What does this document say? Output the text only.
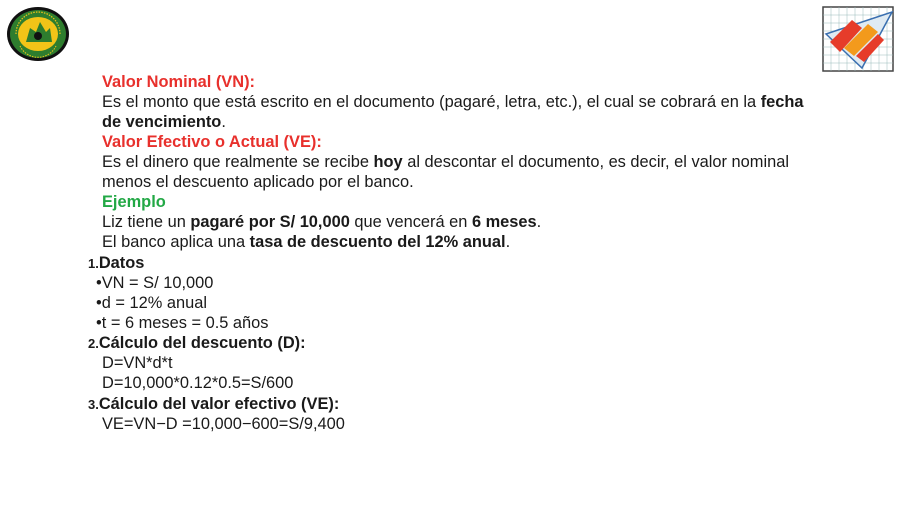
Valor Nominal (VN):
Es el monto que está escrito en el documento (pagaré, letra, etc.), el cual se cobrará en la fecha
de vencimiento.
Valor Efectivo o Actual (VE):
Es el dinero que realmente se recibe hoy al descontar el documento, es decir, el valor nominal
menos el descuento aplicado por el banco.
Ejemplo
Liz tiene un pagaré por S/ 10,000 que vencerá en 6 meses.
El banco aplica una tasa de descuento del 12% anual.
1.Datos
•VN = S/ 10,000
•d = 12% anual
•t = 6 meses = 0.5 años
2.Cálculo del descuento (D):
D=VN*d*t
D=10,000*0.12*0.5=S/600
3.Cálculo del valor efectivo (VE):
VE=VN−D =10,000−600=S/9,400
